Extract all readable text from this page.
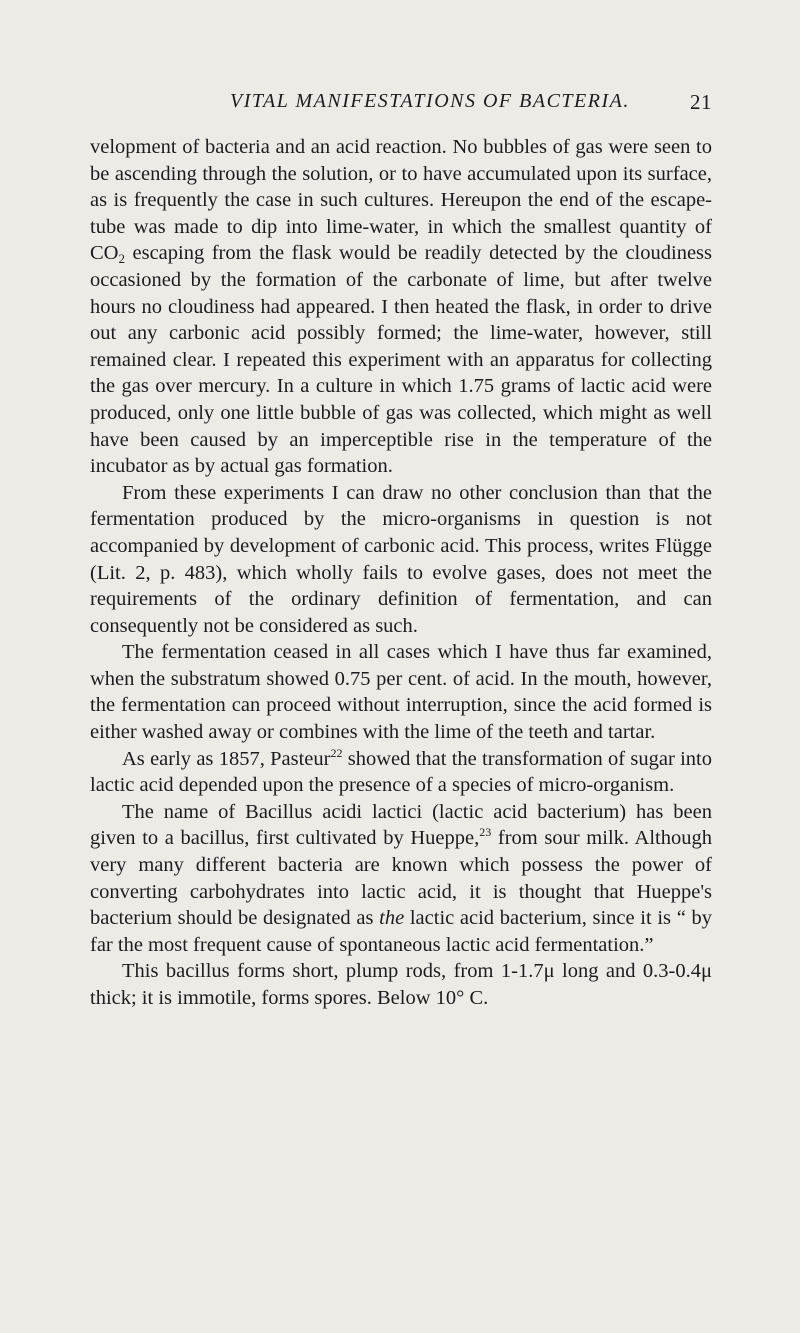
VITAL MANIFESTATIONS OF BACTERIA.	21

velopment of bacteria and an acid reaction. No bubbles of gas were seen to be ascending through the solution, or to have accumulated upon its surface, as is frequently the case in such cultures. Hereupon the end of the escape-tube was made to dip into lime-water, in which the smallest quantity of $CO_2$ escaping from the flask would be readily detected by the cloudiness occasioned by the formation of the carbonate of lime, but after twelve hours no cloudiness had appeared. I then heated the flask, in order to drive out any carbonic acid possibly formed; the lime-water, however, still remained clear. I repeated this experiment with an apparatus for collecting the gas over mercury. In a culture in which 1.75 grams of lactic acid were produced, only one little bubble of gas was collected, which might as well have been caused by an imperceptible rise in the temperature of the incubator as by actual gas formation.

From these experiments I can draw no other conclusion than that the fermentation produced by the micro-organisms in question is not accompanied by development of carbonic acid. This process, writes Flügge (Lit. 2, p. 483), which wholly fails to evolve gases, does not meet the requirements of the ordinary definition of fermentation, and can consequently not be considered as such.

The fermentation ceased in all cases which I have thus far examined, when the substratum showed 0.75 per cent. of acid. In the mouth, however, the fermentation can proceed without interruption, since the acid formed is either washed away or combines with the lime of the teeth and tartar.

As early as 1857, Pasteur$^{22}$ showed that the transformation of sugar into lactic acid depended upon the presence of a species of micro-organism.

The name of Bacillus acidi lactici (lactic acid bacterium) has been given to a bacillus, first cultivated by Hueppe,$^{23}$ from sour milk. Although very many different bacteria are known which possess the power of converting carbohydrates into lactic acid, it is thought that Hueppe's bacterium should be designated as the lactic acid bacterium, since it is “ by far the most frequent cause of spontaneous lactic acid fermentation.”

This bacillus forms short, plump rods, from 1-1.7μ long and 0.3-0.4μ thick; it is immotile, forms spores. Below 10° C.
